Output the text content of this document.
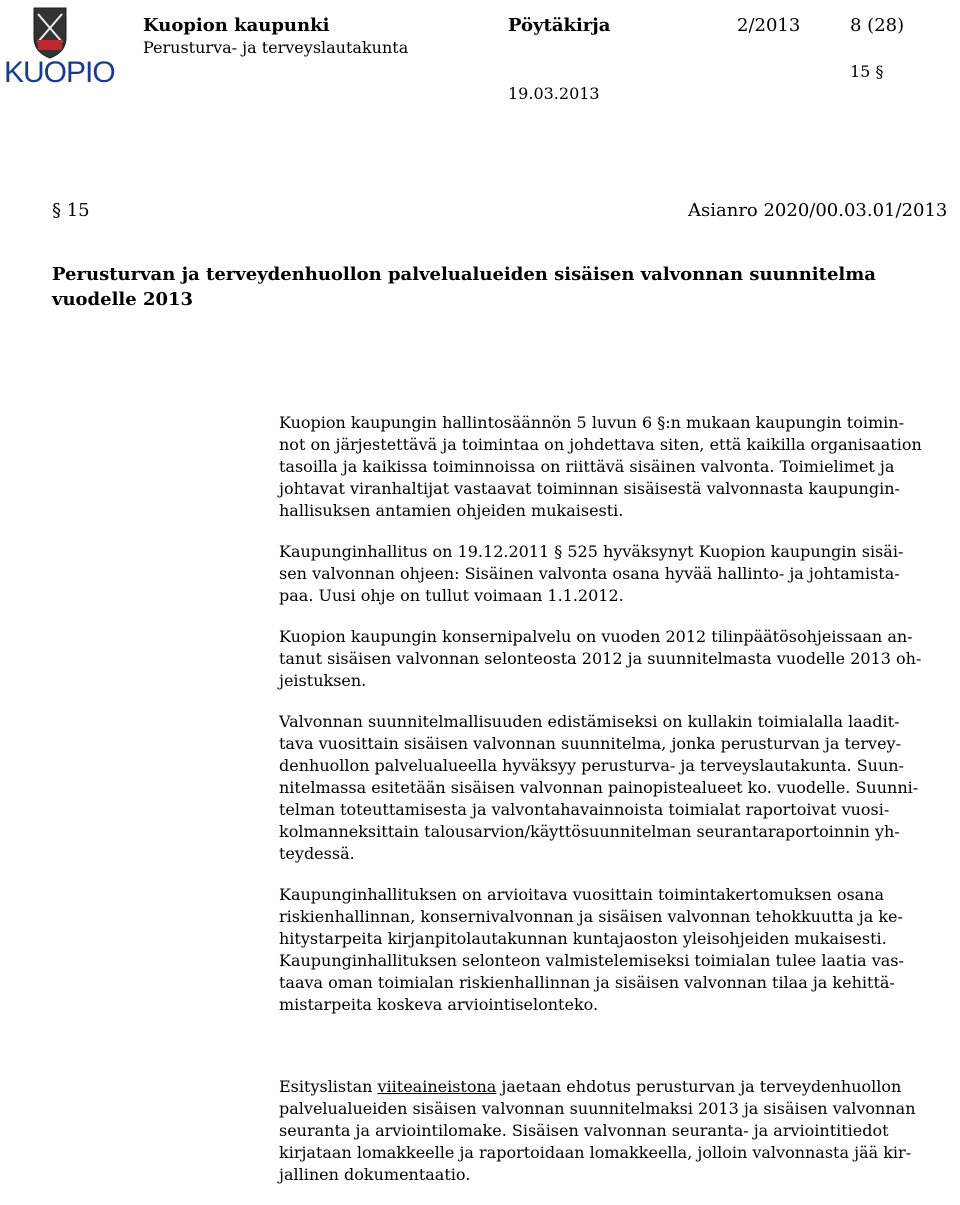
KUOPIO
Kuopion kaupunki
Perusturva- ja terveyslautakunta
Pöytäkirja	2/2013	8 (28)
15 §
19.03.2013
§ 15	Asianro 2020/00.03.01/2013
Perusturvan ja terveydenhuollon palvelualueiden sisäisen valvonnan suunnitelma vuodelle 2013

Kuopion kaupungin hallintosäännön 5 luvun 6 §:n mukaan kaupungin toimin-
not on järjestettävä ja toimintaa on johdettava siten, että kaikilla organisaation
tasoilla ja kaikissa toiminnoissa on riittävä sisäinen valvonta. Toimielimet ja
johtavat viranhaltijat vastaavat toiminnan sisäisestä valvonnasta kaupungin-
hallisuksen antamien ohjeiden mukaisesti.

Kaupunginhallitus on 19.12.2011 § 525 hyväksynyt Kuopion kaupungin sisäi-
sen valvonnan ohjeen: Sisäinen valvonta osana hyvää hallinto- ja johtamista-
paa. Uusi ohje on tullut voimaan 1.1.2012.

Kuopion kaupungin konsernipalvelu on vuoden 2012 tilinpäätösohjeissaan an-
tanut sisäisen valvonnan selonteosta 2012 ja suunnitelmasta vuodelle 2013 oh-
jeistuksen.

Valvonnan suunnitelmallisuuden edistämiseksi on kullakin toimialalla laadit-
tava vuosittain sisäisen valvonnan suunnitelma, jonka perusturvan ja tervey-
denhuollon palvelualueella hyväksyy perusturva- ja terveyslautakunta. Suun-
nitelmassa esitetään sisäisen valvonnan painopistealueet ko. vuodelle. Suunni-
telman toteuttamisesta ja valvontahavainnoista toimialat raportoivat vuosi-
kolmanneksittain talousarvion/käyttösuunnitelman seurantaraportoinnin yh-
teydessä.

Kaupunginhallituksen on arvioitava vuosittain toimintakertomuksen osana
riskienhallinnan, konsernivalvonnan ja sisäisen valvonnan tehokkuutta ja ke-
hitystarpeita kirjanpitolautakunnan kuntajaoston yleisohjeiden mukaisesti.
Kaupunginhallituksen selonteon valmistelemiseksi toimialan tulee laatia vas-
taava oman toimialan riskienhallinnan ja sisäisen valvonnan tilaa ja kehittä-
mistarpeita koskeva arviointiselonteko.

Esityslistan viiteaineistona jaetaan ehdotus perusturvan ja terveydenhuollon
palvelualueiden sisäisen valvonnan suunnitelmaksi 2013 ja sisäisen valvonnan
seuranta ja arviointilomake. Sisäisen valvonnan seuranta- ja arviointitiedot
kirjataan lomakkeelle ja raportoidaan lomakkeella, jolloin valvonnasta jää kir-
jallinen dokumentaatio.
